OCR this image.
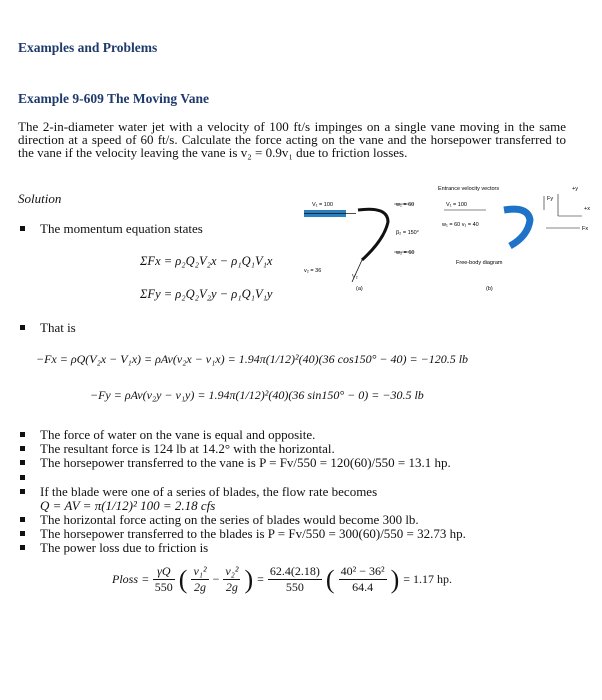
Examples and Problems
Example 9-609 The Moving Vane
The 2-in-diameter water jet with a velocity of 100 ft/s impinges on a single vane moving in the same direction at a speed of 60 ft/s. Calculate the force acting on the vane and the horsepower transferred to the vane if the velocity leaving the vane is v₂ = 0.9v₁ due to friction losses.
Solution
The momentum equation states
ΣFx = ρ₂Q₂V₂x − ρ₁Q₁V₁x
ΣFy = ρ₂Q₂V₂y − ρ₁Q₁V₁y
That is
−Fx = ρQ(V₂x − V₁x) = ρAv(v₂x − v₁x) = 1.94π(1/12)²(40)(36 cos150° − 40) = −120.5 lb
−Fy = ρAv(v₂y − v₁y) = 1.94π(1/12)²(40)(36 sin150° − 0) = −30.5 lb
The force of water on the vane is equal and opposite.
The resultant force is 124 lb at 14.2° with the horizontal.
The horsepower transferred to the vane is P = Fv/550 = 120(60)/550 = 13.1 hp.
If the blade were one of a series of blades, the flow rate becomes
Q = AV = π(1/12)² 100 = 2.18 cfs
The horizontal force acting on the series of blades would become 300 lb.
The horsepower transferred to the blades is P = Fv/550 = 300(60)/550 = 32.73 hp.
The power loss due to friction is
Ploss = $\frac{\gamma Q}{550}$ ( $\frac{\text{v₁²}}{2g} - \frac{\text{v₂²}}{2g}$ ) = $\frac{62.4(2.18)}{550}$ ( $\frac{\text{40² − 36²}}{64.4}$ ) = 1.17 hp.
V₁ = 100
V₂
v₂ = 36
w₁ = 60
β₂ = 150°
w₂ = 60
(a)
Entrance velocity vectors
V₁ = 100
w₁ = 60 v₁ = 40
Free-body diagram
(b)
+y
+x
Fy
Fx
